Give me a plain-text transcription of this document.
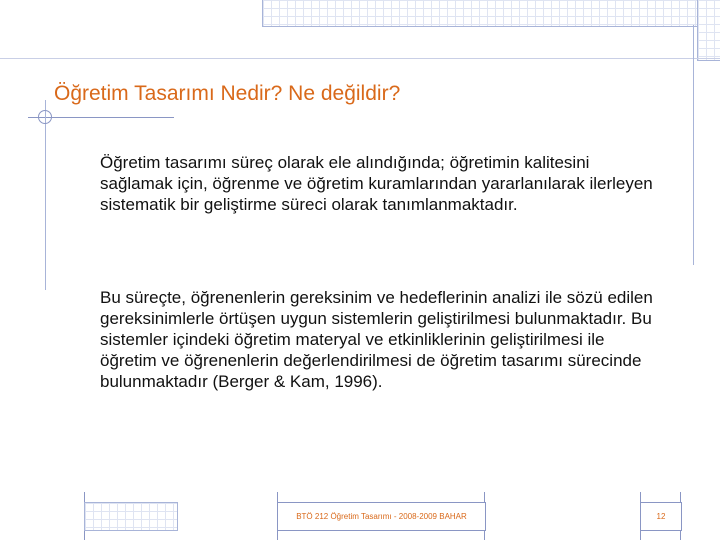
Öğretim Tasarımı Nedir? Ne değildir?

Öğretim tasarımı süreç olarak ele alındığında; öğretimin kalitesini sağlamak için, öğrenme ve öğretim kuramlarından yararlanılarak ilerleyen sistematik bir geliştirme süreci olarak tanımlanmaktadır.

Bu süreçte, öğrenenlerin gereksinim ve hedeflerinin analizi ile sözü edilen gereksinimlerle örtüşen uygun sistemlerin geliştirilmesi bulunmaktadır. Bu sistemler içindeki öğretim materyal ve etkinliklerinin geliştirilmesi ile öğretim ve öğrenenlerin değerlendirilmesi de öğretim tasarımı sürecinde bulunmaktadır (Berger & Kam, 1996).

BTÖ 212 Öğretim Tasarımı - 2008-2009 BAHAR	12
